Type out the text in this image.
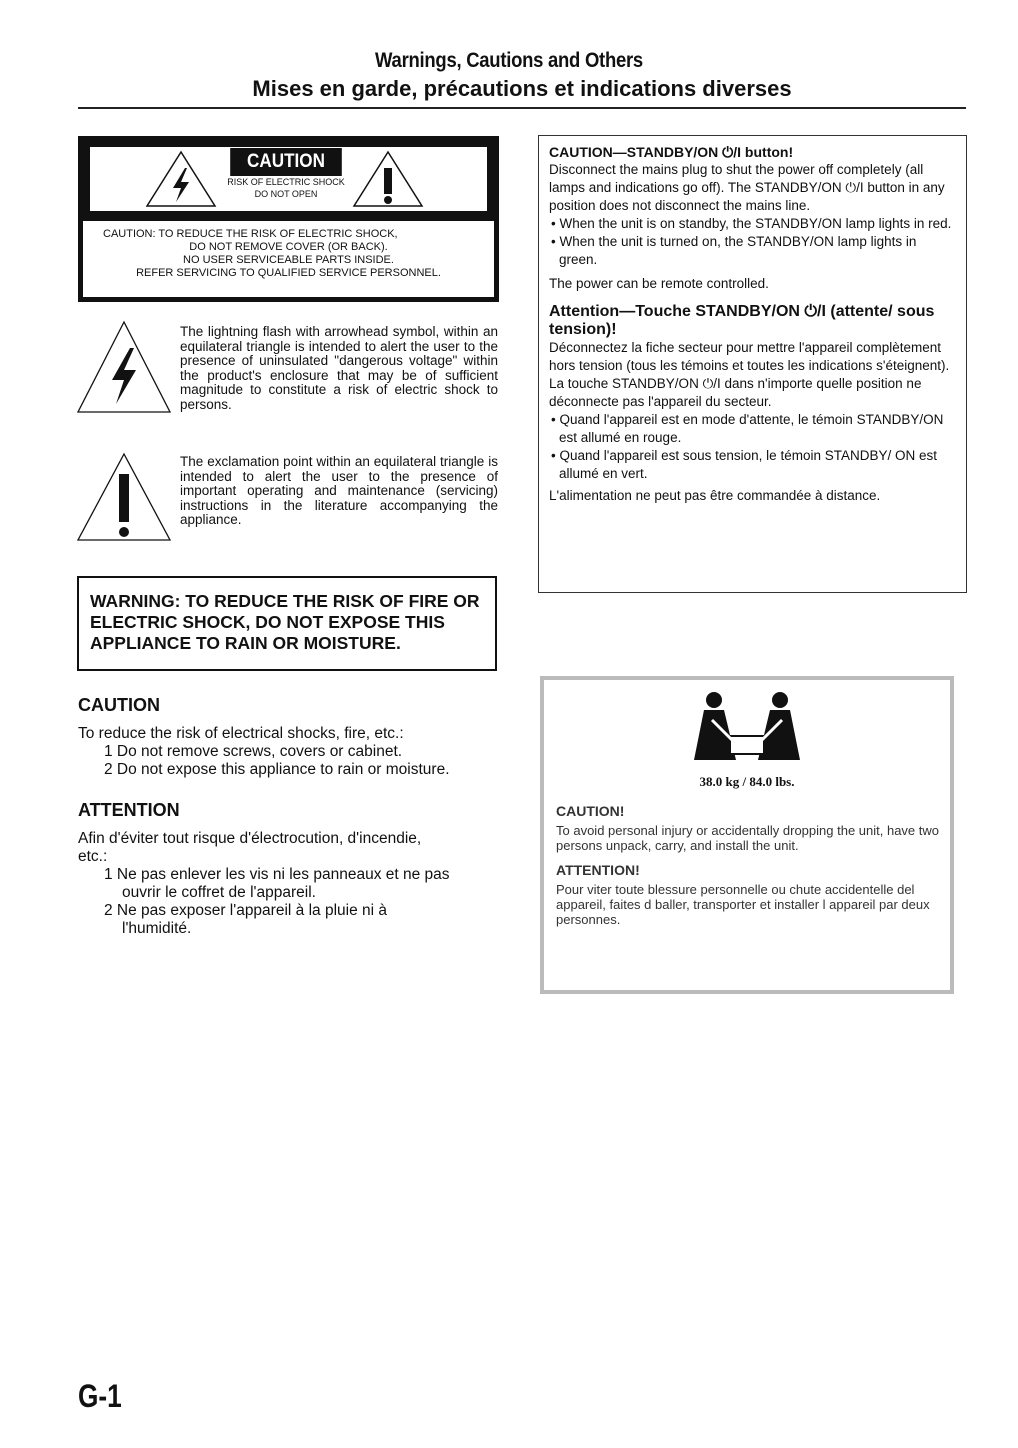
Warnings, Cautions and Others
Mises en garde, précautions et indications diverses
CAUTION
RISK OF ELECTRIC SHOCK
DO NOT OPEN
CAUTION: TO REDUCE THE RISK OF ELECTRIC SHOCK,
DO NOT REMOVE COVER (OR BACK).
NO USER SERVICEABLE PARTS INSIDE.
REFER SERVICING TO QUALIFIED SERVICE PERSONNEL.
The lightning flash with arrowhead symbol, within an equilateral triangle is intended to alert the user to the presence of uninsulated "dangerous voltage" within the product's enclosure that may be of sufficient magnitude to constitute a risk of electric shock to persons.
The exclamation point within an equilateral triangle is intended to alert the user to the presence of important operating and maintenance (servicing) instructions in the literature accompanying the appliance.
WARNING: TO REDUCE THE RISK OF FIRE OR ELECTRIC SHOCK, DO NOT EXPOSE THIS APPLIANCE TO RAIN OR MOISTURE.
CAUTION
To reduce the risk of electrical shocks, fire, etc.:
1 Do not remove screws, covers or cabinet.
2 Do not expose this appliance to rain or moisture.
ATTENTION
Afin d'éviter tout risque d'électrocution, d'incendie,
etc.:
1 Ne pas enlever les vis ni les panneaux et ne pas
ouvrir le coffret de l'appareil.
2 Ne pas exposer l'appareil à la pluie ni à
l'humidité.

CAUTION—STANDBY/ON ⏻/I button!

Disconnect the mains plug to shut the power off completely (all lamps and indications go off). The STANDBY/ON ⏻/I button in any position does not disconnect the mains line.

• When the unit is on standby, the STANDBY/ON lamp lights in red.

• When the unit is turned on, the STANDBY/ON lamp lights in green.

The power can be remote controlled.

Attention—Touche STANDBY/ON ⏻/I (attente/ sous tension)!

Déconnectez la fiche secteur pour mettre l'appareil complètement hors tension (tous les témoins et toutes les indications s'éteignent). La touche STANDBY/ON ⏻/I dans n'importe quelle position ne déconnecte pas l'appareil du secteur.

• Quand l'appareil est en mode d'attente, le témoin STANDBY/ON est allumé en rouge.

• Quand l'appareil est sous tension, le témoin STANDBY/ ON est allumé en vert.

L'alimentation ne peut pas être commandée à distance.

38.0 kg / 84.0 lbs.
CAUTION!
To avoid personal injury or accidentally dropping the unit, have two persons unpack, carry, and install the unit.
ATTENTION!
Pour viter toute blessure personnelle ou chute accidentelle del appareil, faites d baller, transporter et installer l appareil par deux personnes.
G-1
